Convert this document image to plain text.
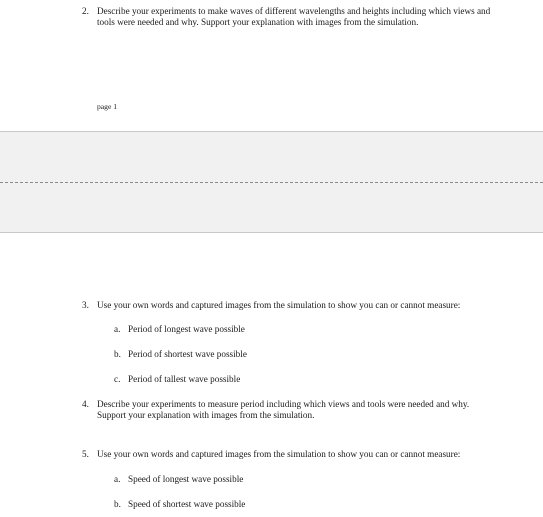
2. Describe your experiments to make waves of different wavelengths and heights including which views and tools were needed and why. Support your explanation with images from the simulation.
page 1
3. Use your own words and captured images from the simulation to show you can or cannot measure:
a. Period of longest wave possible
b. Period of shortest wave possible
c. Period of tallest wave possible
4. Describe your experiments to measure period including which views and tools were needed and why. Support your explanation with images from the simulation.
5. Use your own words and captured images from the simulation to show you can or cannot measure:
a. Speed of longest wave possible
b. Speed of shortest wave possible
